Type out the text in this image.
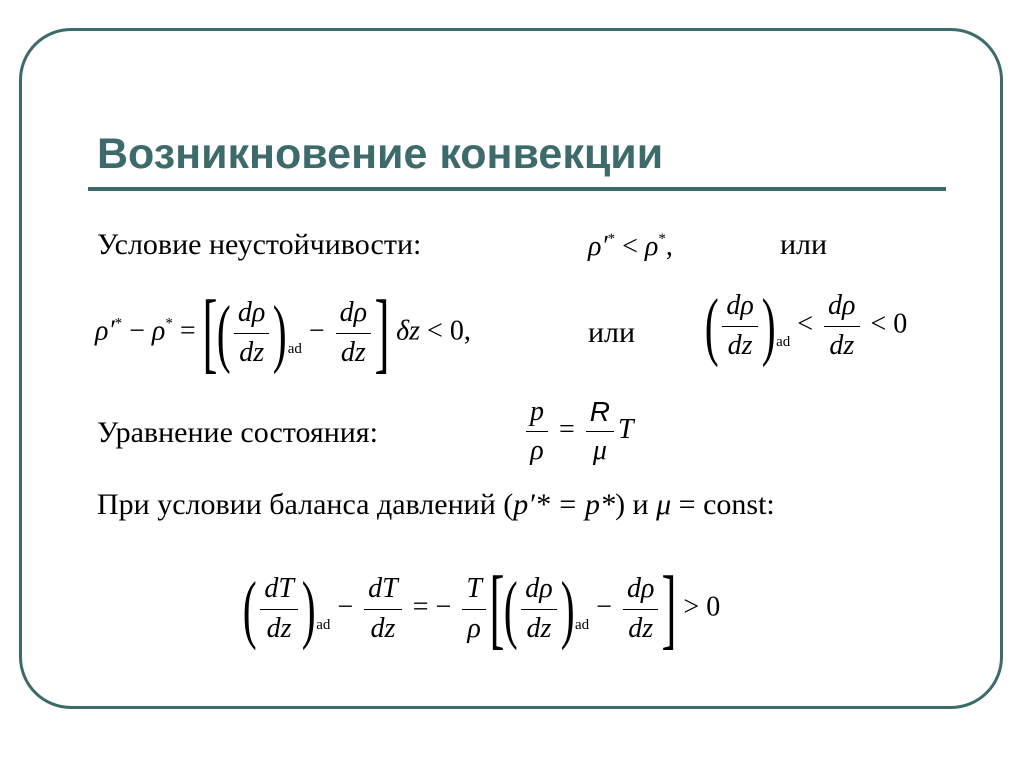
Возникновение конвекции
Условие неустойчивости:	ρ′* < ρ*,	или
ρ′* − ρ* = [( $\frac{d\rho}{dz} )_{ad} - \frac{d\rho}{dz}$ ] δz < 0,	или ( $\frac{d\rho}{dz} )_{ad} < \frac{d\rho}{dz} < 0$
Уравнение состояния:	$\frac{p}{\rho} = \frac{R}{\mu}$ T
При условии баланса давлений (p′* = p*) и μ = const:
( $\frac{dT}{dz} )_{ad} - \frac{dT}{dz}$ = − $\frac{T}{\rho}$ [( $\frac{d\rho}{dz} )_{ad} - \frac{d\rho}{dz}$ ] > 0
